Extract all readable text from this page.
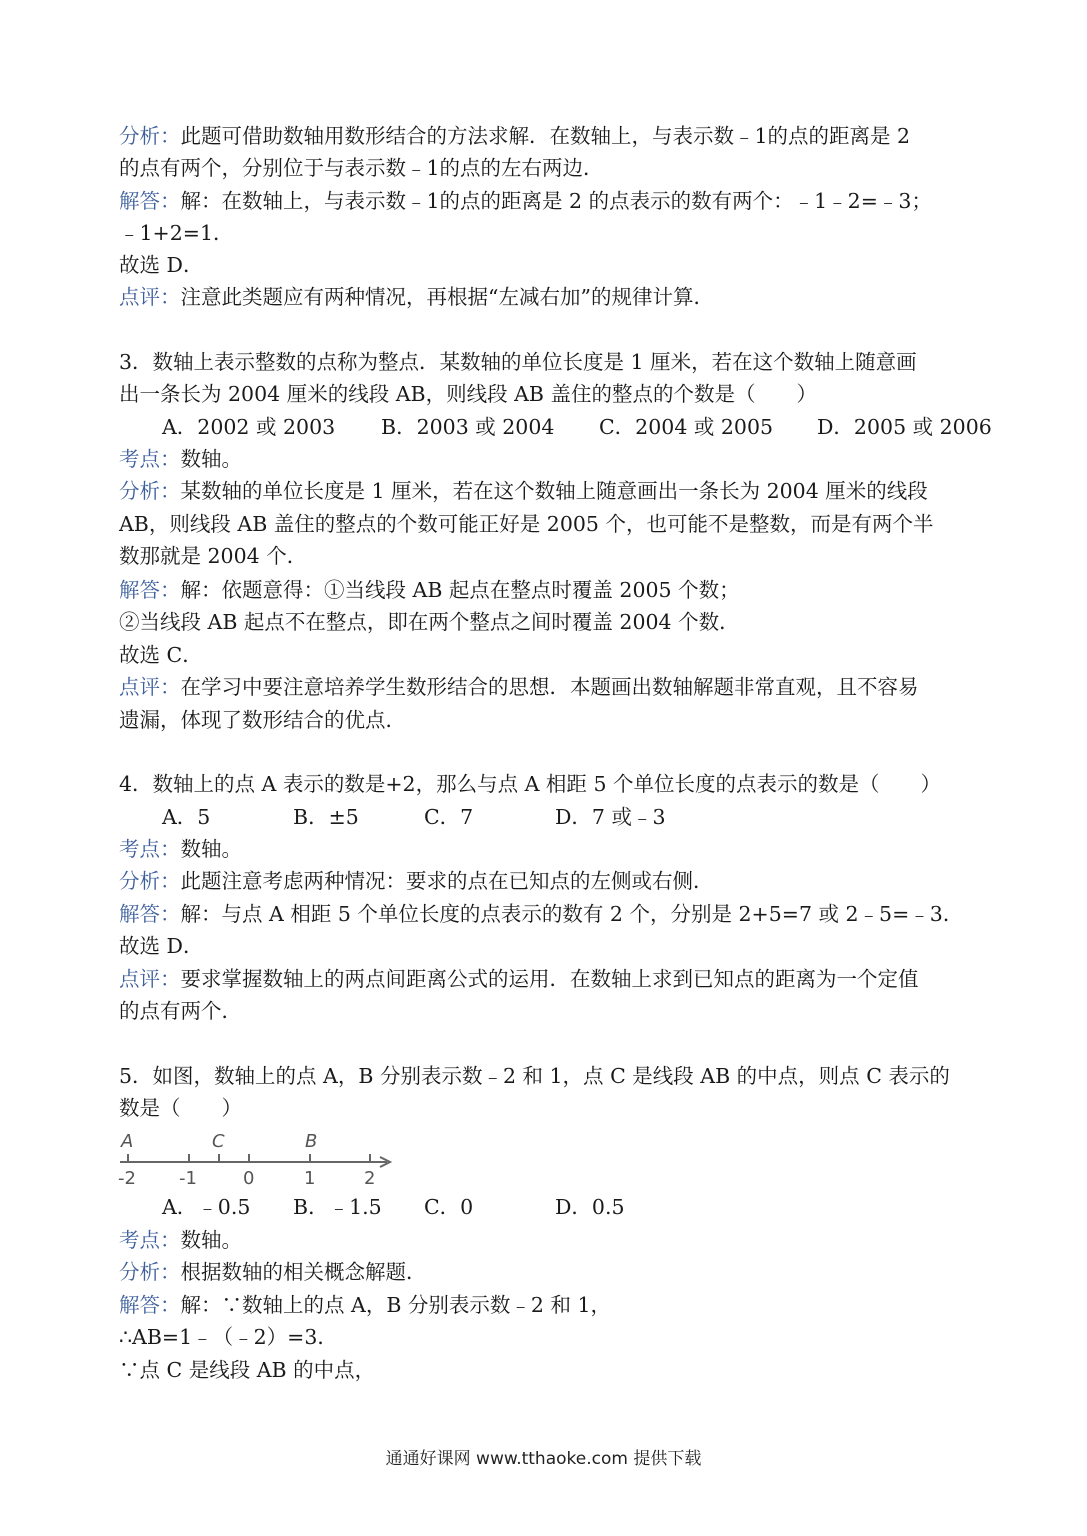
分析：此题可借助数轴用数形结合的方法求解．在数轴上，与表示数﹣1的点的距离是 2
的点有两个，分别位于与表示数﹣1的点的左右两边．
解答：解：在数轴上，与表示数﹣1的点的距离是 2 的点表示的数有两个：﹣1﹣2=﹣3；
﹣1+2=1．
故选 D．
点评：注意此类题应有两种情况，再根据“左减右加”的规律计算．
3．数轴上表示整数的点称为整点．某数轴的单位长度是 1 厘米，若在这个数轴上随意画
出一条长为 2004 厘米的线段 AB，则线段 AB 盖住的整点的个数是（　　）
A．2002 或 2003 B．2003 或 2004 C．2004 或 2005 D．2005 或 2006
考点：数轴。
分析：某数轴的单位长度是 1 厘米，若在这个数轴上随意画出一条长为 2004 厘米的线段
AB，则线段 AB 盖住的整点的个数可能正好是 2005 个，也可能不是整数，而是有两个半
数那就是 2004 个．
解答：解：依题意得：①当线段 AB 起点在整点时覆盖 2005 个数；
②当线段 AB 起点不在整点，即在两个整点之间时覆盖 2004 个数．
故选 C．
点评：在学习中要注意培养学生数形结合的思想．本题画出数轴解题非常直观，且不容易
遗漏，体现了数形结合的优点．
4．数轴上的点 A 表示的数是+2，那么与点 A 相距 5 个单位长度的点表示的数是（　　）
A．5	B．±5	C．7	D．7 或﹣3
考点：数轴。
分析：此题注意考虑两种情况：要求的点在已知点的左侧或右侧．
解答：解：与点 A 相距 5 个单位长度的点表示的数有 2 个，分别是 2+5=7 或 2﹣5=﹣3．
故选 D．
点评：要求掌握数轴上的两点间距离公式的运用．在数轴上求到已知点的距离为一个定值
的点有两个．
5．如图，数轴上的点 A，B 分别表示数﹣2 和 1，点 C 是线段 AB 的中点，则点 C 表示的
数是（　　）
A	C	B
-2 -1	0	1	2
A．﹣0.5 B．﹣1.5 C．0	D．0.5
考点：数轴。
分析：根据数轴的相关概念解题．
解答：解：∵数轴上的点 A，B 分别表示数﹣2 和 1，
∴AB=1﹣（﹣2）=3．
∵点 C 是线段 AB 的中点，
通通好课网 www.tthaoke.com 提供下载
